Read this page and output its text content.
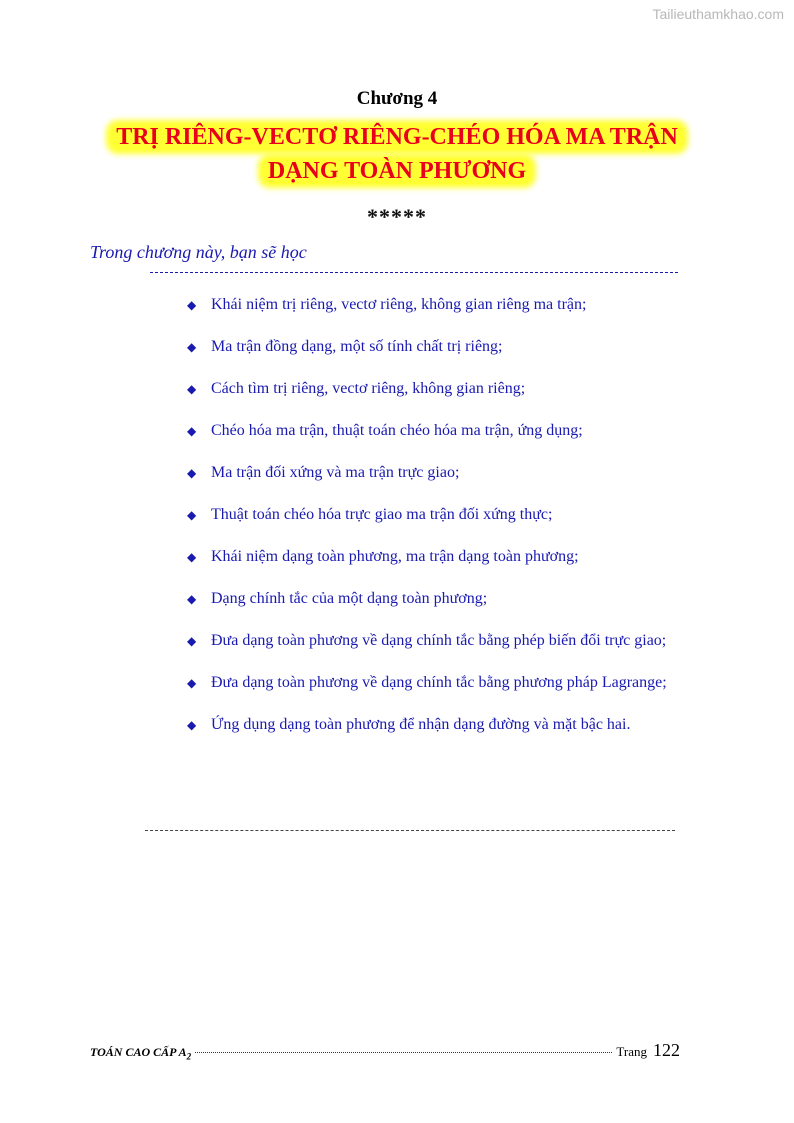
Tailieuthamkhao.com
Chương 4
TRỊ RIÊNG-VECTƠ RIÊNG-CHÉO HÓA MA TRẬN
DẠNG TOÀN PHƯƠNG
*****
Trong chương này, bạn sẽ học
◆ Khái niệm trị riêng, vectơ riêng, không gian riêng ma trận;
◆ Ma trận đồng dạng, một số tính chất trị riêng;
◆ Cách tìm trị riêng, vectơ riêng, không gian riêng;
◆ Chéo hóa ma trận, thuật toán chéo hóa ma trận, ứng dụng;
◆ Ma trận đối xứng và ma trận trực giao;
◆ Thuật toán chéo hóa trực giao ma trận đối xứng thực;
◆ Khái niệm dạng toàn phương, ma trận dạng toàn phương;
◆ Dạng chính tắc của một dạng toàn phương;
◆ Đưa dạng toàn phương về dạng chính tắc bằng phép biến đổi trực giao;
◆ Đưa dạng toàn phương về dạng chính tắc bằng phương pháp Lagrange;
◆ Ứng dụng dạng toàn phương để nhận dạng đường và mặt bậc hai.
TOÁN CAO CẤP $A_2$	Trang 122
